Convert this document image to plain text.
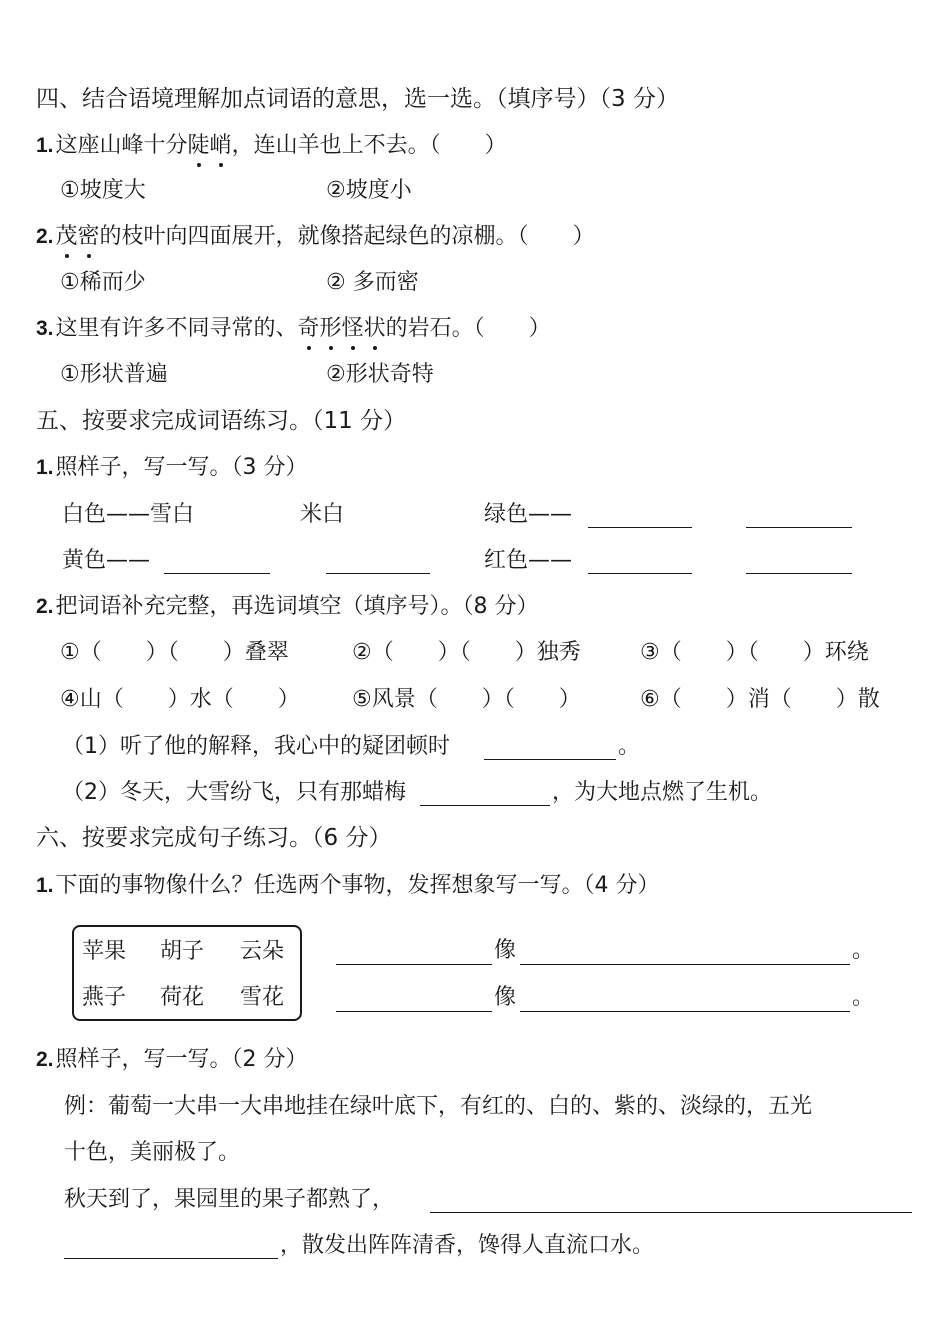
四、结合语境理解加点词语的意思，选一选。（填序号）（3 分）
1.这座山峰十分陡峭，连山羊也上不去。（ ）
①坡度大	②坡度小
2.茂密的枝叶向四面展开，就像搭起绿色的凉棚。（ ）
①稀而少	② 多而密
3.这里有许多不同寻常的、奇形怪状的岩石。（ ）
①形状普遍	②形状奇特
五、按要求完成词语练习。（11 分）
1.照样子，写一写。（3 分）
白色——雪白	米白	绿色——
黄色——	红色——
2.把词语补充完整，再选词填空（填序号）。（8 分）
①（　　）（　　）叠翠	②（　　）（　　）独秀	③（　　）（　　）环绕
④山（　　）水（　　） ⑤风景（　　）（　　）	⑥（　　）消（　　）散
（1）听了他的解释，我心中的疑团顿时	。
（2）冬天，大雪纷飞，只有那蜡梅	，为大地点燃了生机。
六、按要求完成句子练习。（6 分）
1.下面的事物像什么？任选两个事物，发挥想象写一写。（4 分）
苹果 胡子 云朵
燕子 荷花 雪花
像	。
像	。
2.照样子，写一写。（2 分）
例：葡萄一大串一大串地挂在绿叶底下，有红的、白的、紫的、淡绿的，五光
十色，美丽极了。
秋天到了，果园里的果子都熟了，
，散发出阵阵清香，馋得人直流口水。
